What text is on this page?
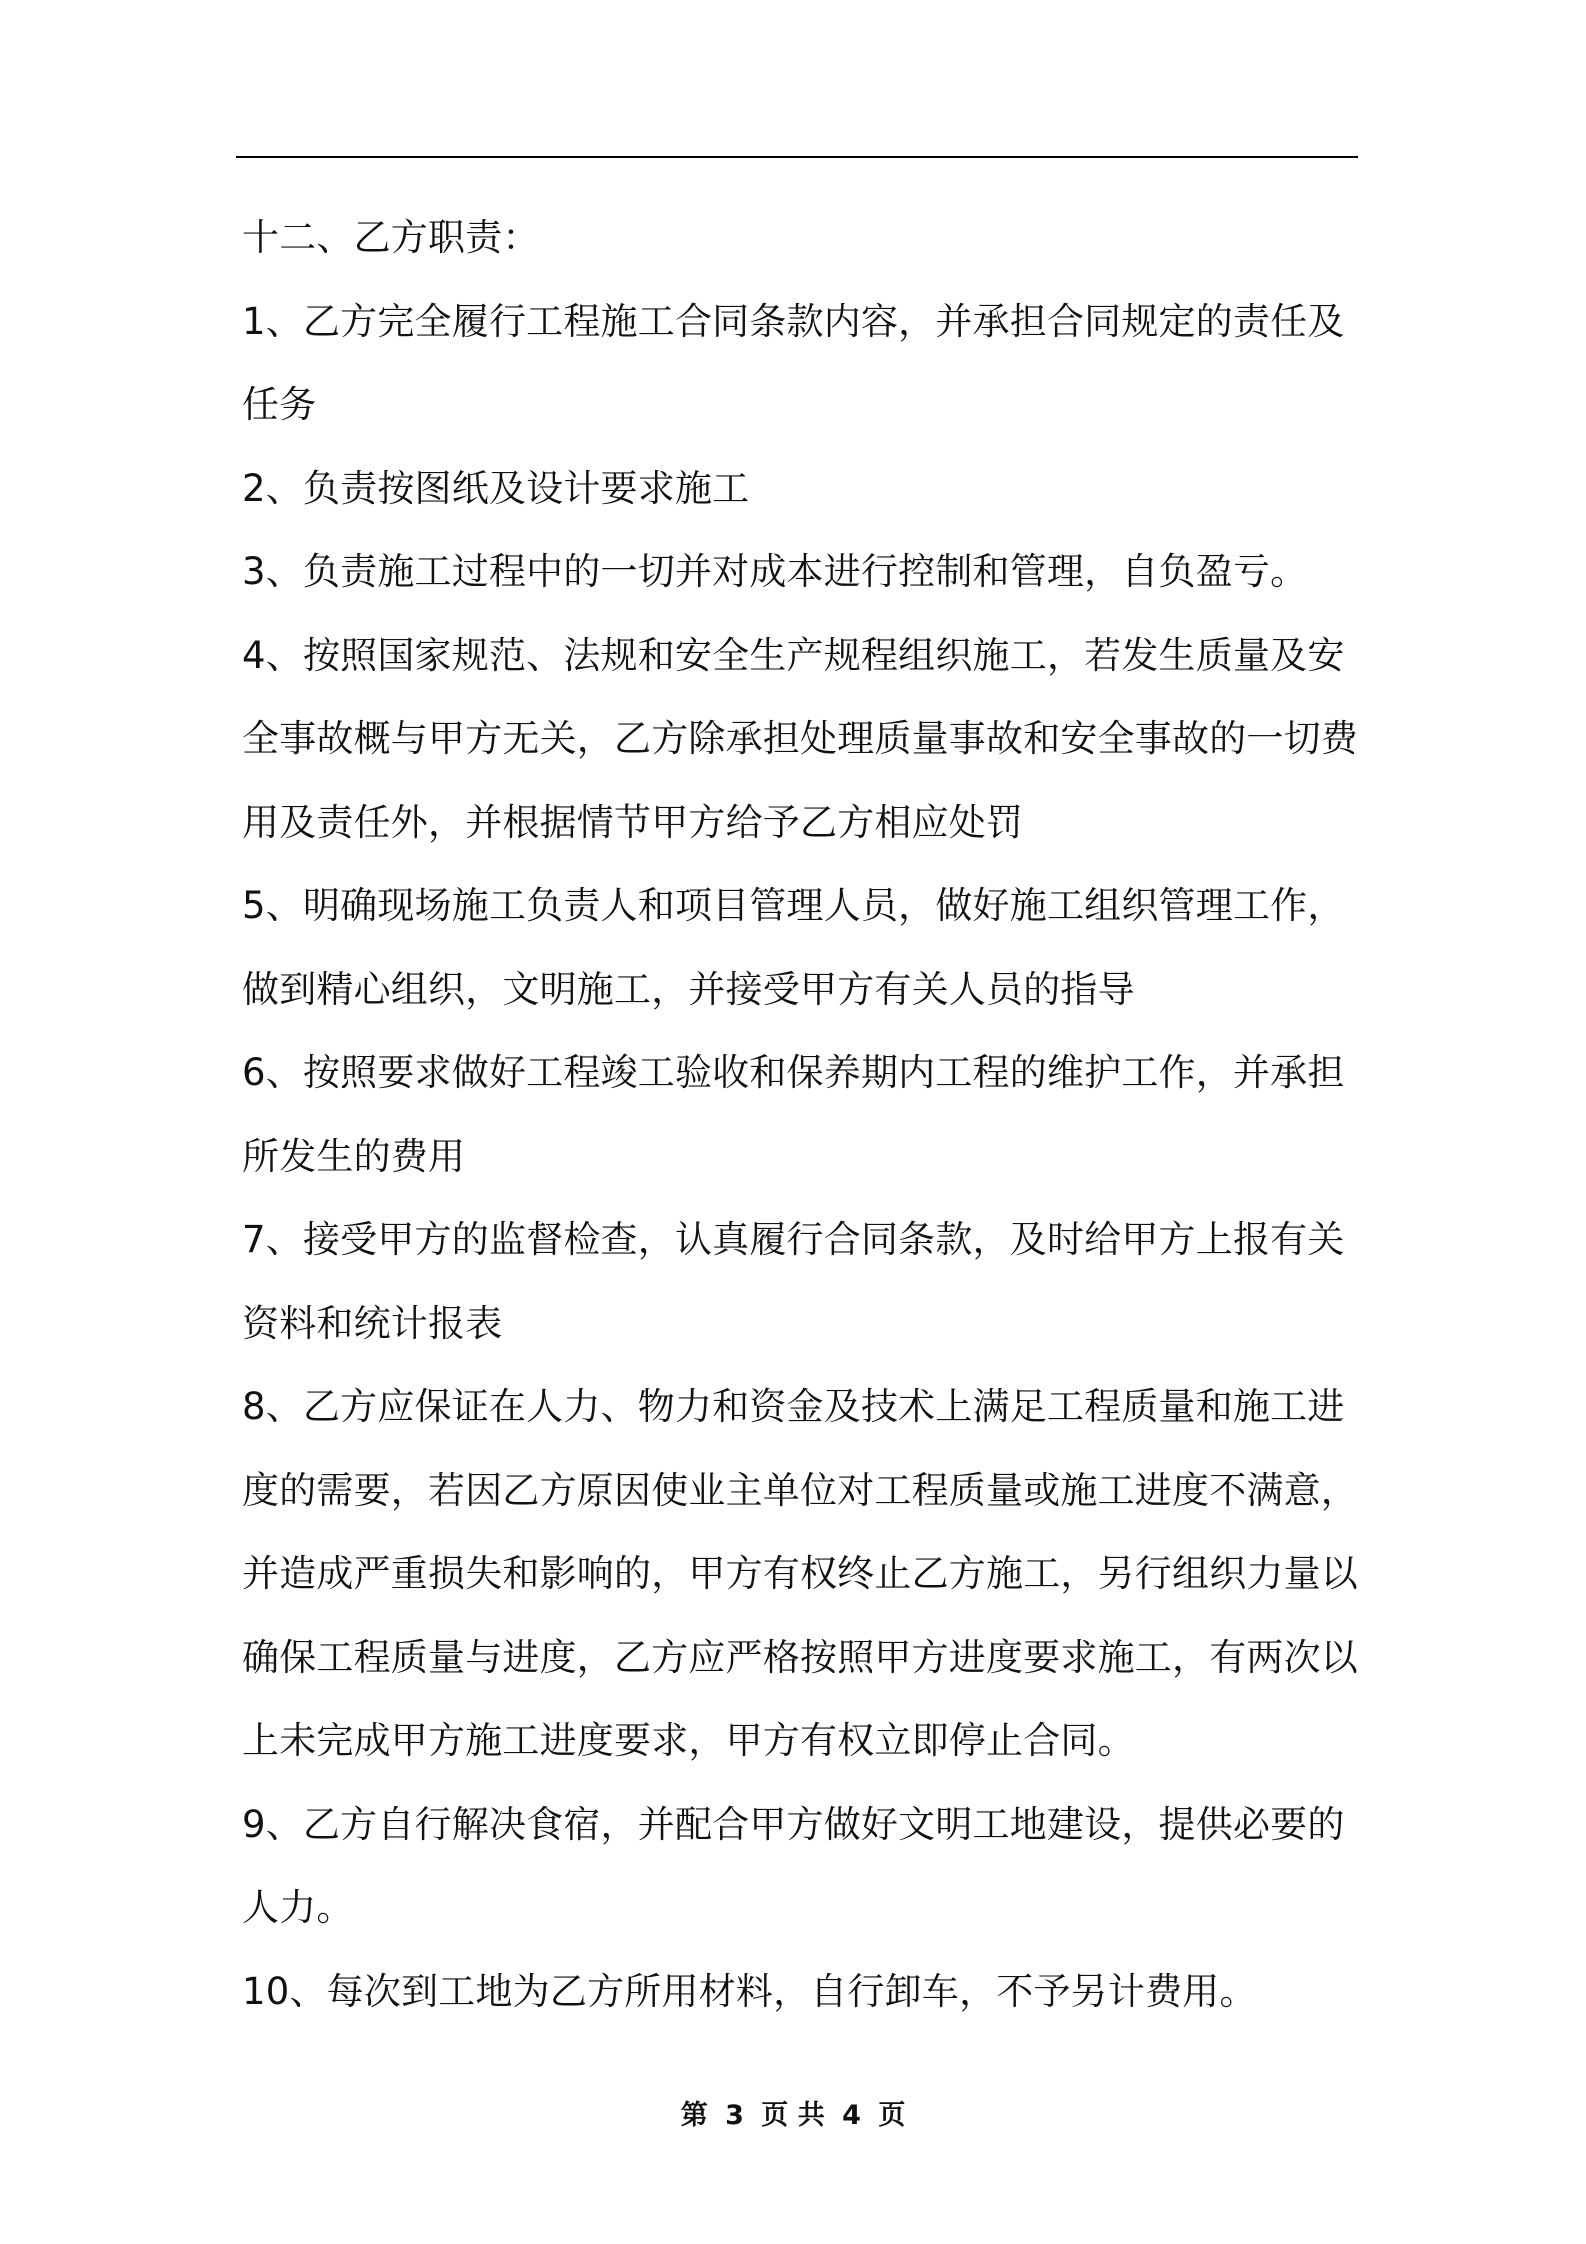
十二、乙方职责：
1、乙方完全履行工程施工合同条款内容，并承担合同规定的责任及
任务
2、负责按图纸及设计要求施工
3、负责施工过程中的一切并对成本进行控制和管理，自负盈亏。
4、按照国家规范、法规和安全生产规程组织施工，若发生质量及安
全事故概与甲方无关，乙方除承担处理质量事故和安全事故的一切费
用及责任外，并根据情节甲方给予乙方相应处罚
5、明确现场施工负责人和项目管理人员，做好施工组织管理工作，
做到精心组织，文明施工，并接受甲方有关人员的指导
6、按照要求做好工程竣工验收和保养期内工程的维护工作，并承担
所发生的费用
7、接受甲方的监督检查，认真履行合同条款，及时给甲方上报有关
资料和统计报表
8、乙方应保证在人力、物力和资金及技术上满足工程质量和施工进
度的需要，若因乙方原因使业主单位对工程质量或施工进度不满意，
并造成严重损失和影响的，甲方有权终止乙方施工，另行组织力量以
确保工程质量与进度，乙方应严格按照甲方进度要求施工，有两次以
上未完成甲方施工进度要求，甲方有权立即停止合同。
9、乙方自行解决食宿，并配合甲方做好文明工地建设，提供必要的
人力。
10、每次到工地为乙方所用材料，自行卸车，不予另计费用。
第 3 页 共 4 页
